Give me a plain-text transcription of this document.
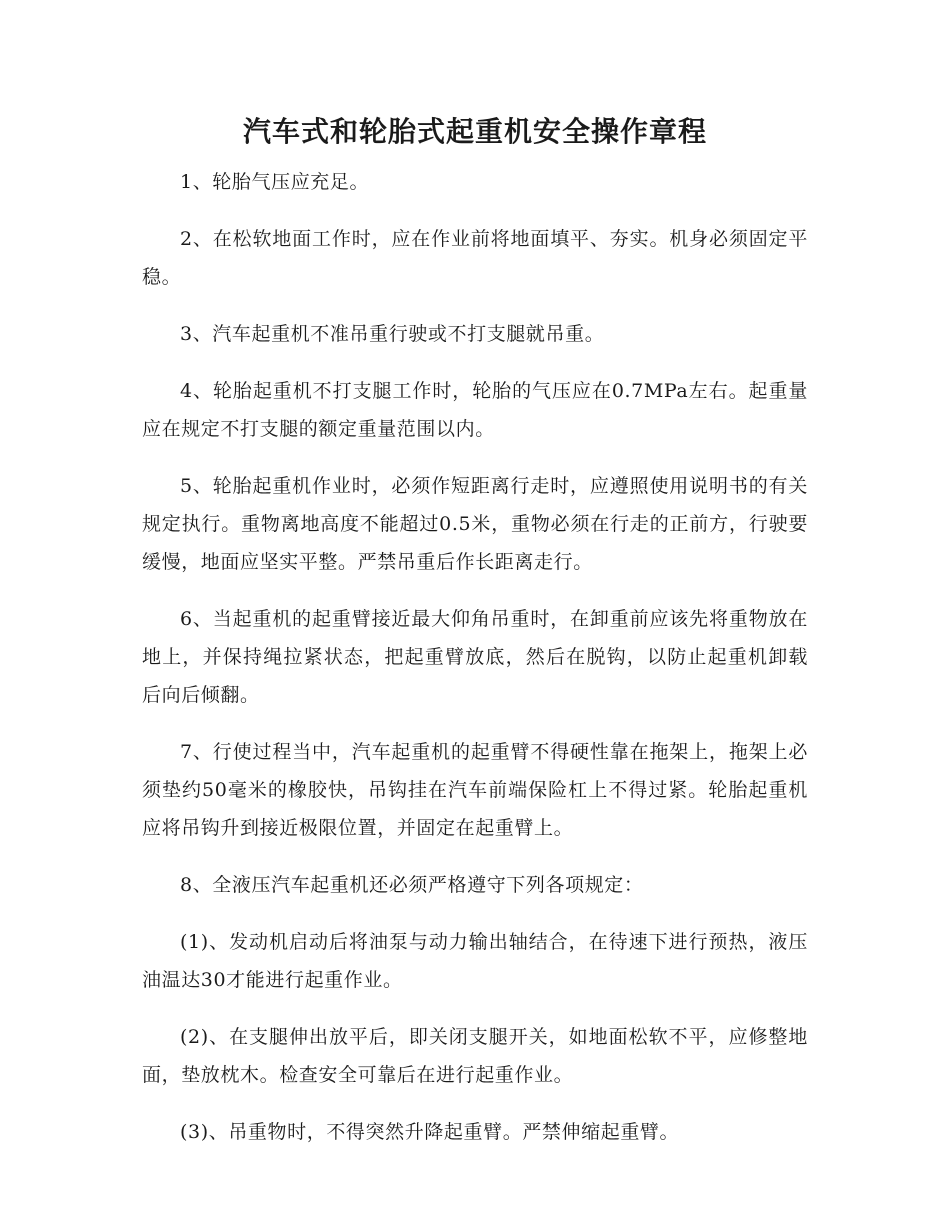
汽车式和轮胎式起重机安全操作章程

1、轮胎气压应充足。

2、在松软地面工作时，应在作业前将地面填平、夯实。机身必须固定平稳。

3、汽车起重机不准吊重行驶或不打支腿就吊重。

4、轮胎起重机不打支腿工作时，轮胎的气压应在0.7MPa左右。起重量应在规定不打支腿的额定重量范围以内。

5、轮胎起重机作业时，必须作短距离行走时，应遵照使用说明书的有关规定执行。重物离地高度不能超过0.5米，重物必须在行走的正前方，行驶要缓慢，地面应坚实平整。严禁吊重后作长距离走行。

6、当起重机的起重臂接近最大仰角吊重时，在卸重前应该先将重物放在地上，并保持绳拉紧状态，把起重臂放底，然后在脱钩，以防止起重机卸载后向后倾翻。

7、行使过程当中，汽车起重机的起重臂不得硬性靠在拖架上，拖架上必须垫约50毫米的橡胶快，吊钩挂在汽车前端保险杠上不得过紧。轮胎起重机应将吊钩升到接近极限位置，并固定在起重臂上。

8、全液压汽车起重机还必须严格遵守下列各项规定：

(1)、发动机启动后将油泵与动力输出轴结合，在待速下进行预热，液压油温达30才能进行起重作业。

(2)、在支腿伸出放平后，即关闭支腿开关，如地面松软不平，应修整地面，垫放枕木。检查安全可靠后在进行起重作业。

(3)、吊重物时，不得突然升降起重臂。严禁伸缩起重臂。
